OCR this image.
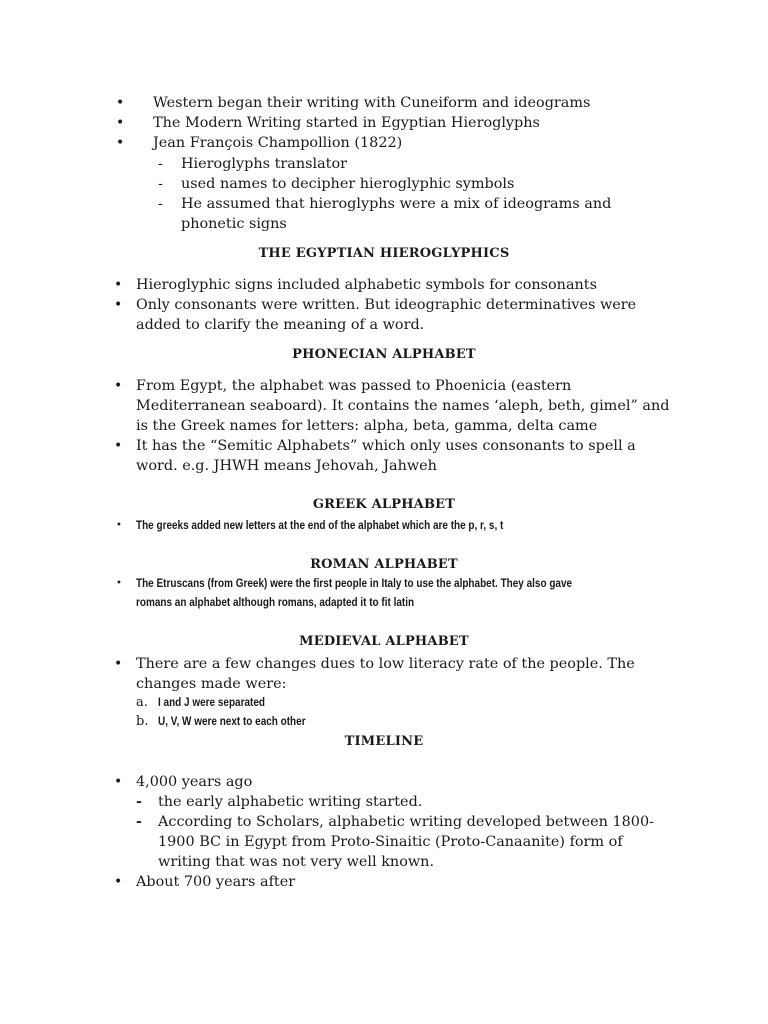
• Western began their writing with Cuneiform and ideograms
• The Modern Writing started in Egyptian Hieroglyphs
• Jean François Champollion (1822)
- Hieroglyphs translator
- used names to decipher hieroglyphic symbols
- He assumed that hieroglyphs were a mix of ideograms and
phonetic signs
THE EGYPTIAN HIEROGLYPHICS
• Hieroglyphic signs included alphabetic symbols for consonants
• Only consonants were written. But ideographic determinatives were
added to clarify the meaning of a word.
PHONECIAN ALPHABET
• From Egypt, the alphabet was passed to Phoenicia (eastern
Mediterranean seaboard). It contains the names ‘aleph, beth, gimel” and
is the Greek names for letters: alpha, beta, gamma, delta came
• It has the “Semitic Alphabets” which only uses consonants to spell a
word. e.g. JHWH means Jehovah, Jahweh
GREEK ALPHABET
• The greeks added new letters at the end of the alphabet which are the p, r, s, t
ROMAN ALPHABET
• The Etruscans (from Greek) were the first people in Italy to use the alphabet. They also gave
romans an alphabet although romans, adapted it to fit latin
MEDIEVAL ALPHABET
• There are a few changes dues to low literacy rate of the people. The
changes made were:
a. I and J were separated
b. U, V, W were next to each other
TIMELINE
• 4,000 years ago
- the early alphabetic writing started.
- According to Scholars, alphabetic writing developed between 1800-
1900 BC in Egypt from Proto-Sinaitic (Proto-Canaanite) form of
writing that was not very well known.
• About 700 years after
